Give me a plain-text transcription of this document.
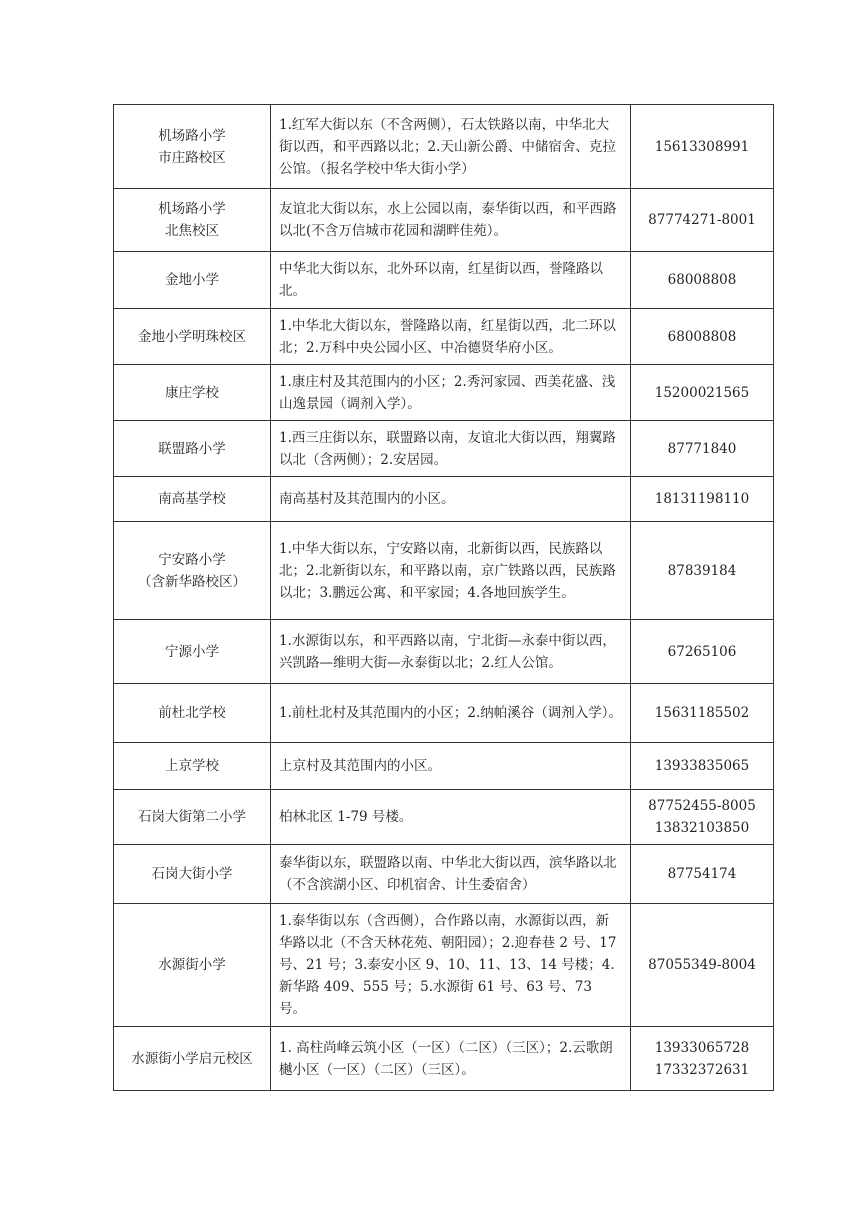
机场路小学
市庄路校区	1.红军大街以东（不含两侧），石太铁路以南，中华北大街以西，和平西路以北；2.天山新公爵、中储宿舍、克拉公馆。（报名学校中华大街小学）	15613308991

机场路小学
北焦校区	友谊北大街以东，水上公园以南，泰华街以西，和平西路以北(不含万信城市花园和湖畔佳苑）。	87774271-8001

金地小学	中华北大街以东，北外环以南，红星街以西，誉隆路以北。	68008808

金地小学明珠校区	1.中华北大街以东，誉隆路以南，红星街以西，北二环以北；2.万科中央公园小区、中冶德贤华府小区。	68008808

康庄学校	1.康庄村及其范围内的小区；2.秀河家园、西美花盛、浅山逸景园（调剂入学）。	15200021565

联盟路小学	1.西三庄街以东，联盟路以南，友谊北大街以西，翔翼路以北（含两侧）；2.安居园。	87771840

南高基学校	南高基村及其范围内的小区。	18131198110

宁安路小学
（含新华路校区）	1.中华大街以东，宁安路以南，北新街以西，民族路以北；2.北新街以东，和平路以南，京广铁路以西，民族路以北；3.鹏远公寓、和平家园；4.各地回族学生。	87839184

宁源小学	1.水源街以东，和平西路以南，宁北街—永泰中街以西，兴凯路—维明大街—永泰街以北；2.红人公馆。	67265106

前杜北学校	1.前杜北村及其范围内的小区；2.纳帕溪谷（调剂入学）。	15631185502

上京学校	上京村及其范围内的小区。	13933835065

石岗大街第二小学	柏林北区 1-79 号楼。	87752455-8005
13832103850

石岗大街小学	泰华街以东，联盟路以南、中华北大街以西，滨华路以北（不含滨湖小区、印机宿舍、计生委宿舍）	87754174

水源街小学	1.泰华街以东（含西侧），合作路以南，水源街以西，新华路以北（不含天林花苑、朝阳园）；2.迎春巷 2 号、17 号、21 号；3.泰安小区 9、10、11、13、14 号楼；4.新华路 409、555 号；5.水源街 61 号、63 号、73 号。	87055349-8004

水源街小学启元校区	1. 高柱尚峰云筑小区（一区）（二区）（三区）；2.云歌朗樾小区（一区）（二区）（三区）。	13933065728
17332372631
